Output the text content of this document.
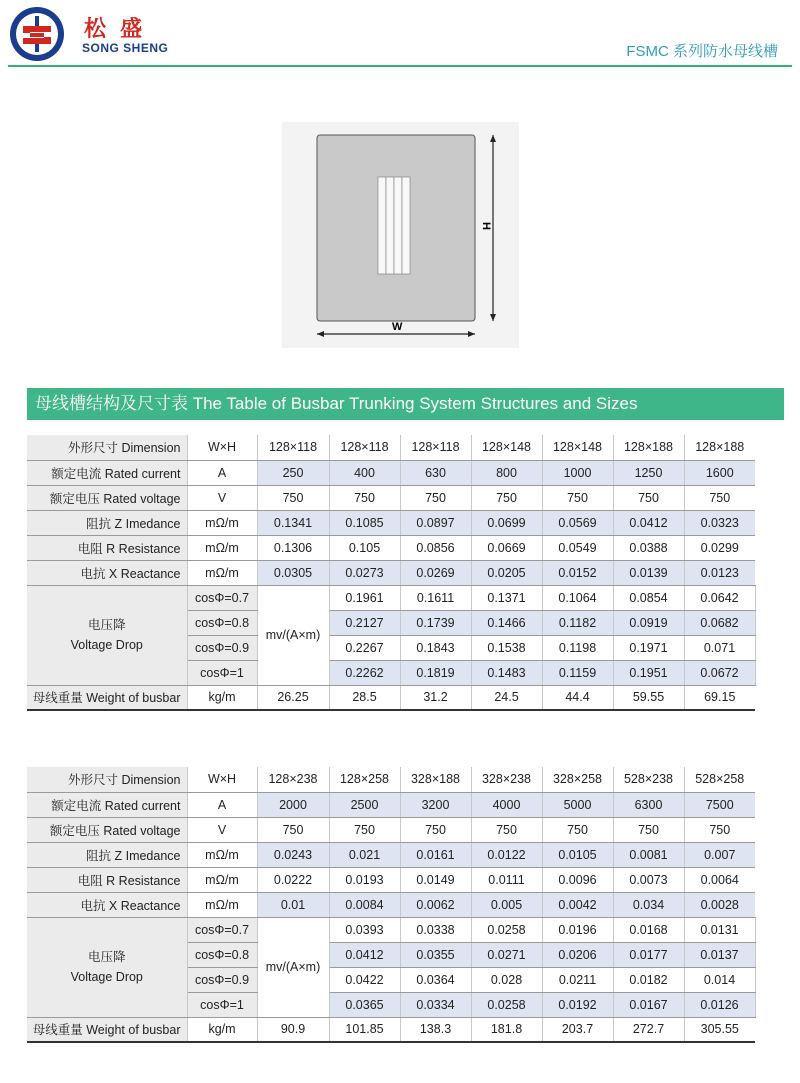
松 盛
SONG SHENG	FSMC 系列防水母线槽
H
W
母线槽结构及尺寸表 The Table of Busbar Trunking System Structures and Sizes
外形尺寸 Dimension	W×H	128×118	128×118	128×118	128×148	128×148	128×188	128×188	
额定电流 Rated current	A	250	400	630	800	1000	1250	1600	
额定电压 Rated voltage	V	750	750	750	750	750	750	750	
阻抗 Z Imedance	mΩ/m	0.1341	0.1085	0.0897	0.0699	0.0569	0.0412	0.0323	
电阻 R Resistance	mΩ/m	0.1306	0.105	0.0856	0.0669	0.0549	0.0388	0.0299	
电抗 X Reactance	mΩ/m	0.0305	0.0273	0.0269	0.0205	0.0152	0.0139	0.0123	

电压降
Voltage Drop	cosΦ=0.7	mv/(A×m)	0.1961	0.1611	0.1371	0.1064	0.0854	0.0642	
	cosΦ=0.8		0.2127	0.1739	0.1466	0.1182	0.0919	0.0682	
	cosΦ=0.9		0.2267	0.1843	0.1538	0.1198	0.1971	0.071	
	cosΦ=1		0.2262	0.1819	0.1483	0.1159	0.1951	0.0672	
母线重量 Weight of busbar	kg/m	26.25	28.5	31.2	24.5	44.4	59.55	69.15	
外形尺寸 Dimension	W×H	128×238	128×258	328×188	328×238	328×258	528×238	528×258	
额定电流 Rated current	A	2000	2500	3200	4000	5000	6300	7500	
额定电压 Rated voltage	V	750	750	750	750	750	750	750	
阻抗 Z Imedance	mΩ/m	0.0243	0.021	0.0161	0.0122	0.0105	0.0081	0.007	
电阻 R Resistance	mΩ/m	0.0222	0.0193	0.0149	0.0111	0.0096	0.0073	0.0064	
电抗 X Reactance	mΩ/m	0.01	0.0084	0.0062	0.005	0.0042	0.034	0.0028	

电压降
Voltage Drop	cosΦ=0.7	mv/(A×m)	0.0393	0.0338	0.0258	0.0196	0.0168	0.0131	
	cosΦ=0.8		0.0412	0.0355	0.0271	0.0206	0.0177	0.0137	
	cosΦ=0.9		0.0422	0.0364	0.028	0.0211	0.0182	0.014	
	cosΦ=1		0.0365	0.0334	0.0258	0.0192	0.0167	0.0126	
母线重量 Weight of busbar	kg/m	90.9	101.85	138.3	181.8	203.7	272.7	305.55	
